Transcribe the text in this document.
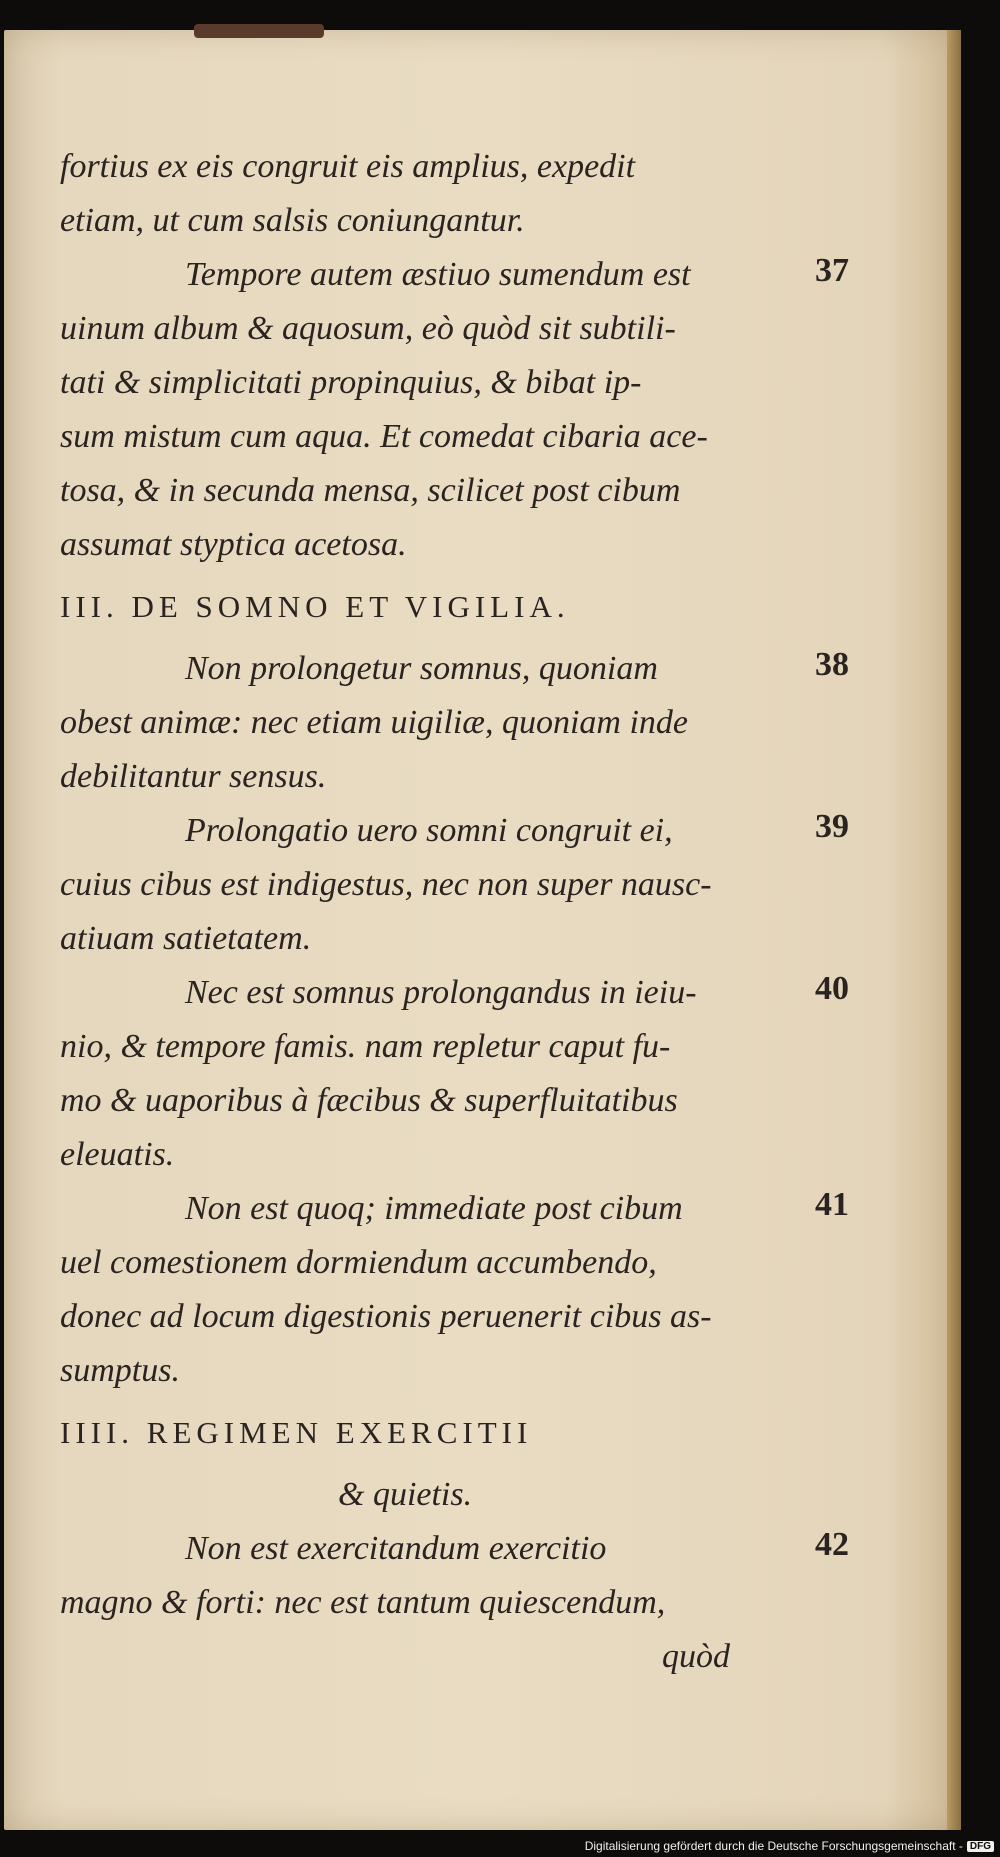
fortius ex eis congruit eis amplius, expedit
etiam, ut cum salsis coniungantur.
Tempore autem æstiuo sumendum est
uinum album & aquosum, eò quòd sit subtili-
tati & simplicitati propinquius, & bibat ip-
sum mistum cum aqua. Et comedat cibaria ace-
tosa, & in secunda mensa, scilicet post cibum
assumat styptica acetosa.
III. DE SOMNO ET VIGILIA.
Non prolongetur somnus, quoniam
obest animæ: nec etiam uigiliæ, quoniam inde
debilitantur sensus.
Prolongatio uero somni congruit ei,
cuius cibus est indigestus, nec non super nausc-
atiuam satietatem.
Nec est somnus prolongandus in ieiu-
nio, & tempore famis. nam repletur caput fu-
mo & uaporibus à fæcibus & superfluitatibus
eleuatis.
Non est quoq; immediate post cibum
uel comestionem dormiendum accumbendo,
donec ad locum digestionis peruenerit cibus as-
sumptus.
IIII. REGIMEN EXERCITII
& quietis.
Non est exercitandum exercitio
magno & forti: nec est tantum quiescendum,
quòd
Digitalisierung gefördert durch die Deutsche Forschungsgemeinschaft - DFG
37
38
39
40
41
42
